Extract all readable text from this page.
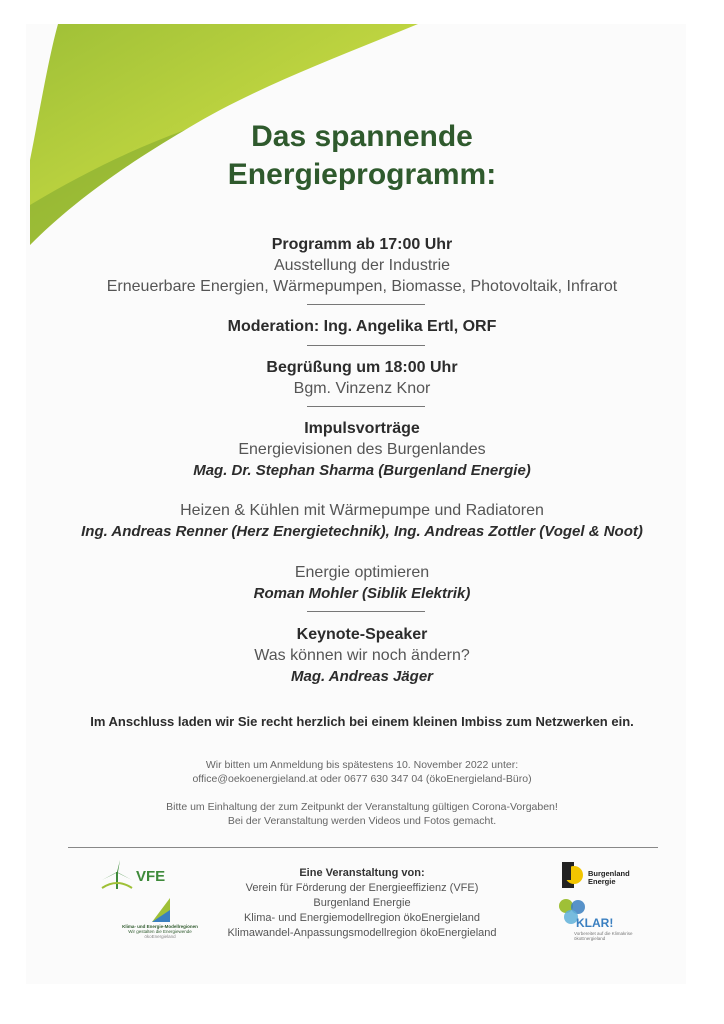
Das spannende
Energieprogramm:
Programm ab 17:00 Uhr
Ausstellung der Industrie
Erneuerbare Energien, Wärmepumpen, Biomasse, Photovoltaik, Infrarot
Moderation: Ing. Angelika Ertl, ORF
Begrüßung um 18:00 Uhr
Bgm. Vinzenz Knor
Impulsvorträge
Energievisionen des Burgenlandes
Mag. Dr. Stephan Sharma (Burgenland Energie)
Heizen & Kühlen mit Wärmepumpe und Radiatoren
Ing. Andreas Renner (Herz Energietechnik), Ing. Andreas Zottler (Vogel & Noot)
Energie optimieren
Roman Mohler (Siblik Elektrik)
Keynote-Speaker
Was können wir noch ändern?
Mag. Andreas Jäger
Im Anschluss laden wir Sie recht herzlich bei einem kleinen Imbiss zum Netzwerken ein.
Wir bitten um Anmeldung bis spätestens 10. November 2022 unter:
office@oekoenergieland.at oder 0677 630 347 04 (ökoEnergieland-Büro)
Bitte um Einhaltung der zum Zeitpunkt der Veranstaltung gültigen Corona-Vorgaben!
Bei der Veranstaltung werden Videos und Fotos gemacht.
Eine Veranstaltung von:
Verein für Förderung der Energieeffizienz (VFE)
Burgenland Energie
Klima- und Energiemodellregion ökoEnergieland
Klimawandel-Anpassungsmodellregion ökoEnergieland
VFE
Klima- und Energie-Modellregionen
Wir gestalten die Energiewende
ökoEnergieland
Burgenland
Energie
KLAR!
Vorbereitet auf die Klimakrise
ökoEnergieland
